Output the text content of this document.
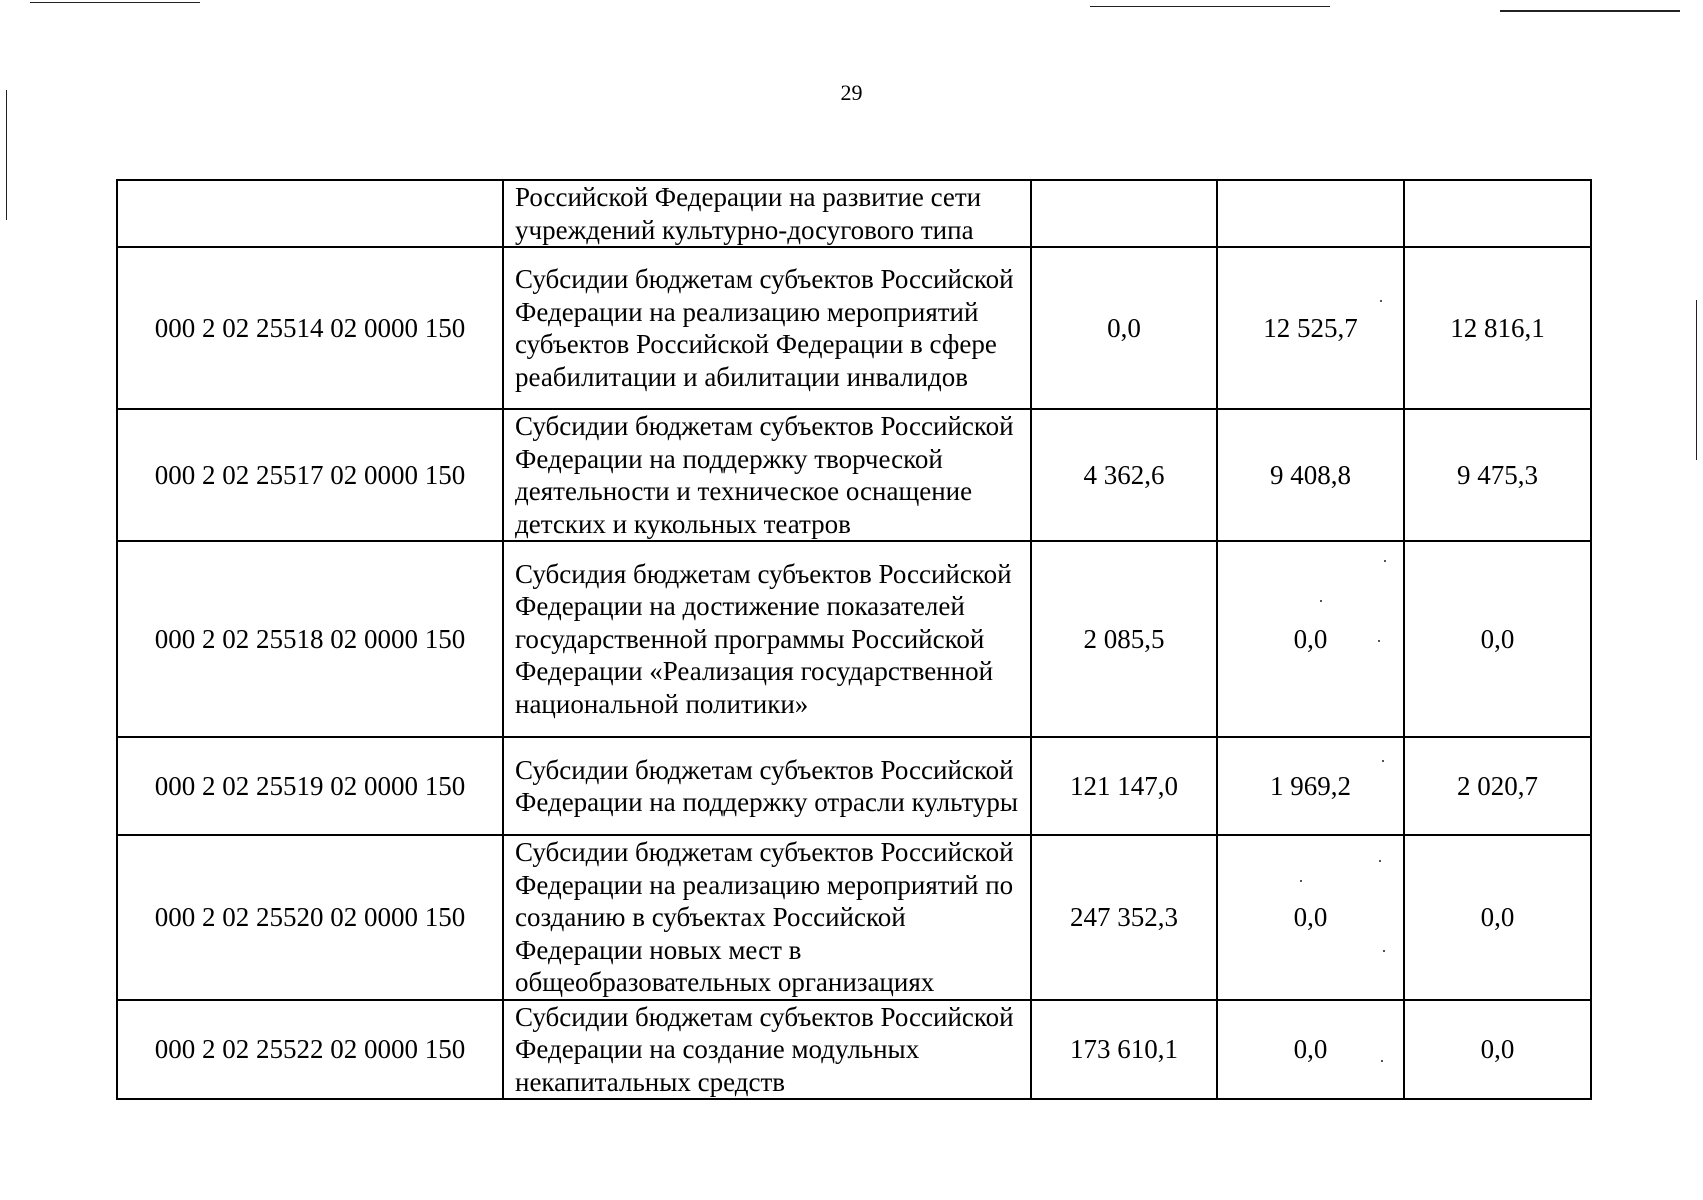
29
	Российской Федерации на развитие сети учреждений культурно-досугового типа			
000 2 02 25514 02 0000 150	Субсидии бюджетам субъектов Российской Федерации на реализацию мероприятий субъектов Российской Федерации в сфере реабилитации и абилитации инвалидов	0,0	12 525,7	12 816,1
000 2 02 25517 02 0000 150	Субсидии бюджетам субъектов Российской Федерации на поддержку творческой деятельности и техническое оснащение детских и кукольных театров	4 362,6	9 408,8	9 475,3
000 2 02 25518 02 0000 150	Субсидия бюджетам субъектов Российской Федерации на достижение показателей государственной программы Российской Федерации «Реализация государственной национальной политики»	2 085,5	0,0	0,0
000 2 02 25519 02 0000 150	Субсидии бюджетам субъектов Российской Федерации на поддержку отрасли культуры	121 147,0	1 969,2	2 020,7
000 2 02 25520 02 0000 150	Субсидии бюджетам субъектов Российской Федерации на реализацию мероприятий по созданию в субъектах Российской Федерации новых мест в общеобразовательных организациях	247 352,3	0,0	0,0
000 2 02 25522 02 0000 150	Субсидии бюджетам субъектов Российской Федерации на создание модульных некапитальных средств	173 610,1	0,0	0,0
